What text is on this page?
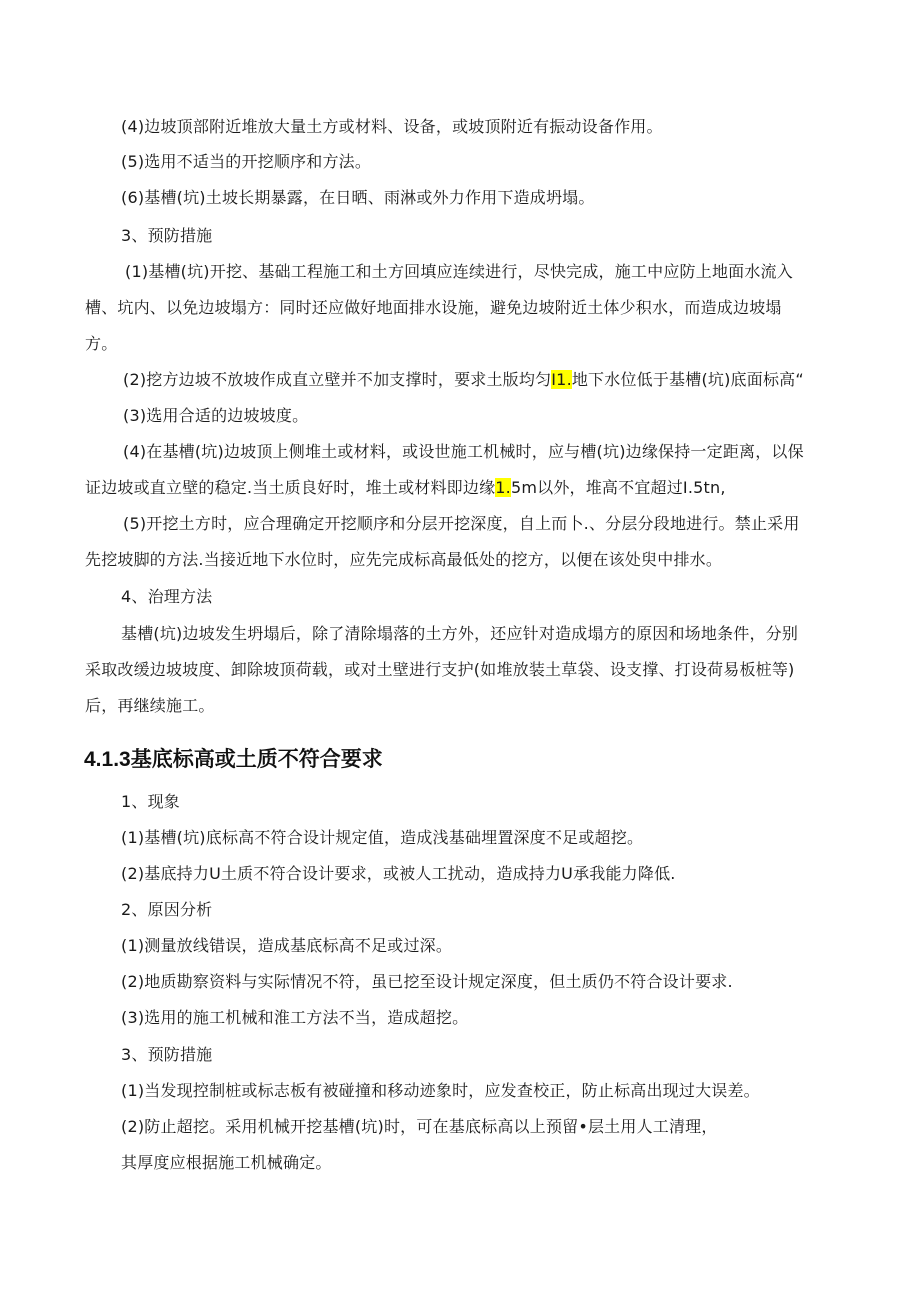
(4)边坡顶部附近堆放大量土方或材料、设备，或坡顶附近有振动设备作用。
(5)选用不适当的开挖顺序和方法。
(6)基槽(坑)土坡长期暴露，在日晒、雨淋或外力作用下造成坍塌。
3、预防措施
(1)基槽(坑)开挖、基础工程施工和土方回填应连续进行，尽快完成，施工中应防上地面水流入
槽、坑内、以免边坡塌方：同时还应做好地面排水设施，避免边坡附近土体少积水，而造成边坡塌
方。
(2)挖方边坡不放坡作成直立壁并不加支撑时，要求土版均匀I1.地下水位低于基槽(坑)底面标高“
(3)选用合适的边坡坡度。
(4)在基槽(坑)边坡顶上侧堆土或材料，或设世施工机械时，应与槽(坑)边缘保持一定距离，以保
证边坡或直立壁的稳定.当土质良好时，堆土或材料即边缘1.5m以外，堆高不宜超过I.5tn,
(5)开挖土方时，应合理确定开挖顺序和分层开挖深度，自上而卜.、分层分段地进行。禁止采用
先挖坡脚的方法.当接近地下水位时，应先完成标高最低处的挖方，以便在该处臾中排水。
4、治理方法
基槽(坑)边坡发生坍塌后，除了清除塌落的土方外，还应针对造成塌方的原因和场地条件，分别
采取改缓边坡坡度、卸除坡顶荷载，或对土壁进行支护(如堆放装土草袋、设支撑、打设荷易板桩等)
后，再继续施工。
4.1.3基底标高或土质不符合要求
1、现象
(1)基槽(坑)底标高不符合设计规定值，造成浅基础埋置深度不足或超挖。
(2)基底持力U土质不符合设计要求，或被人工扰动，造成持力U承我能力降低.
2、原因分析
(1)测量放线错误，造成基底标高不足或过深。
(2)地质勘察资料与实际情况不符，虽已挖至设计规定深度，但土质仍不符合设计要求.
(3)选用的施工机械和淮工方法不当，造成超挖。
3、预防措施
(1)当发现控制桩或标志板有被碰撞和移动迹象时，应发查校正，防止标高出现过大误差。
(2)防止超挖。采用机械开挖基槽(坑)时，可在基底标高以上预留•层土用人工清理，
其厚度应根据施工机械确定。
